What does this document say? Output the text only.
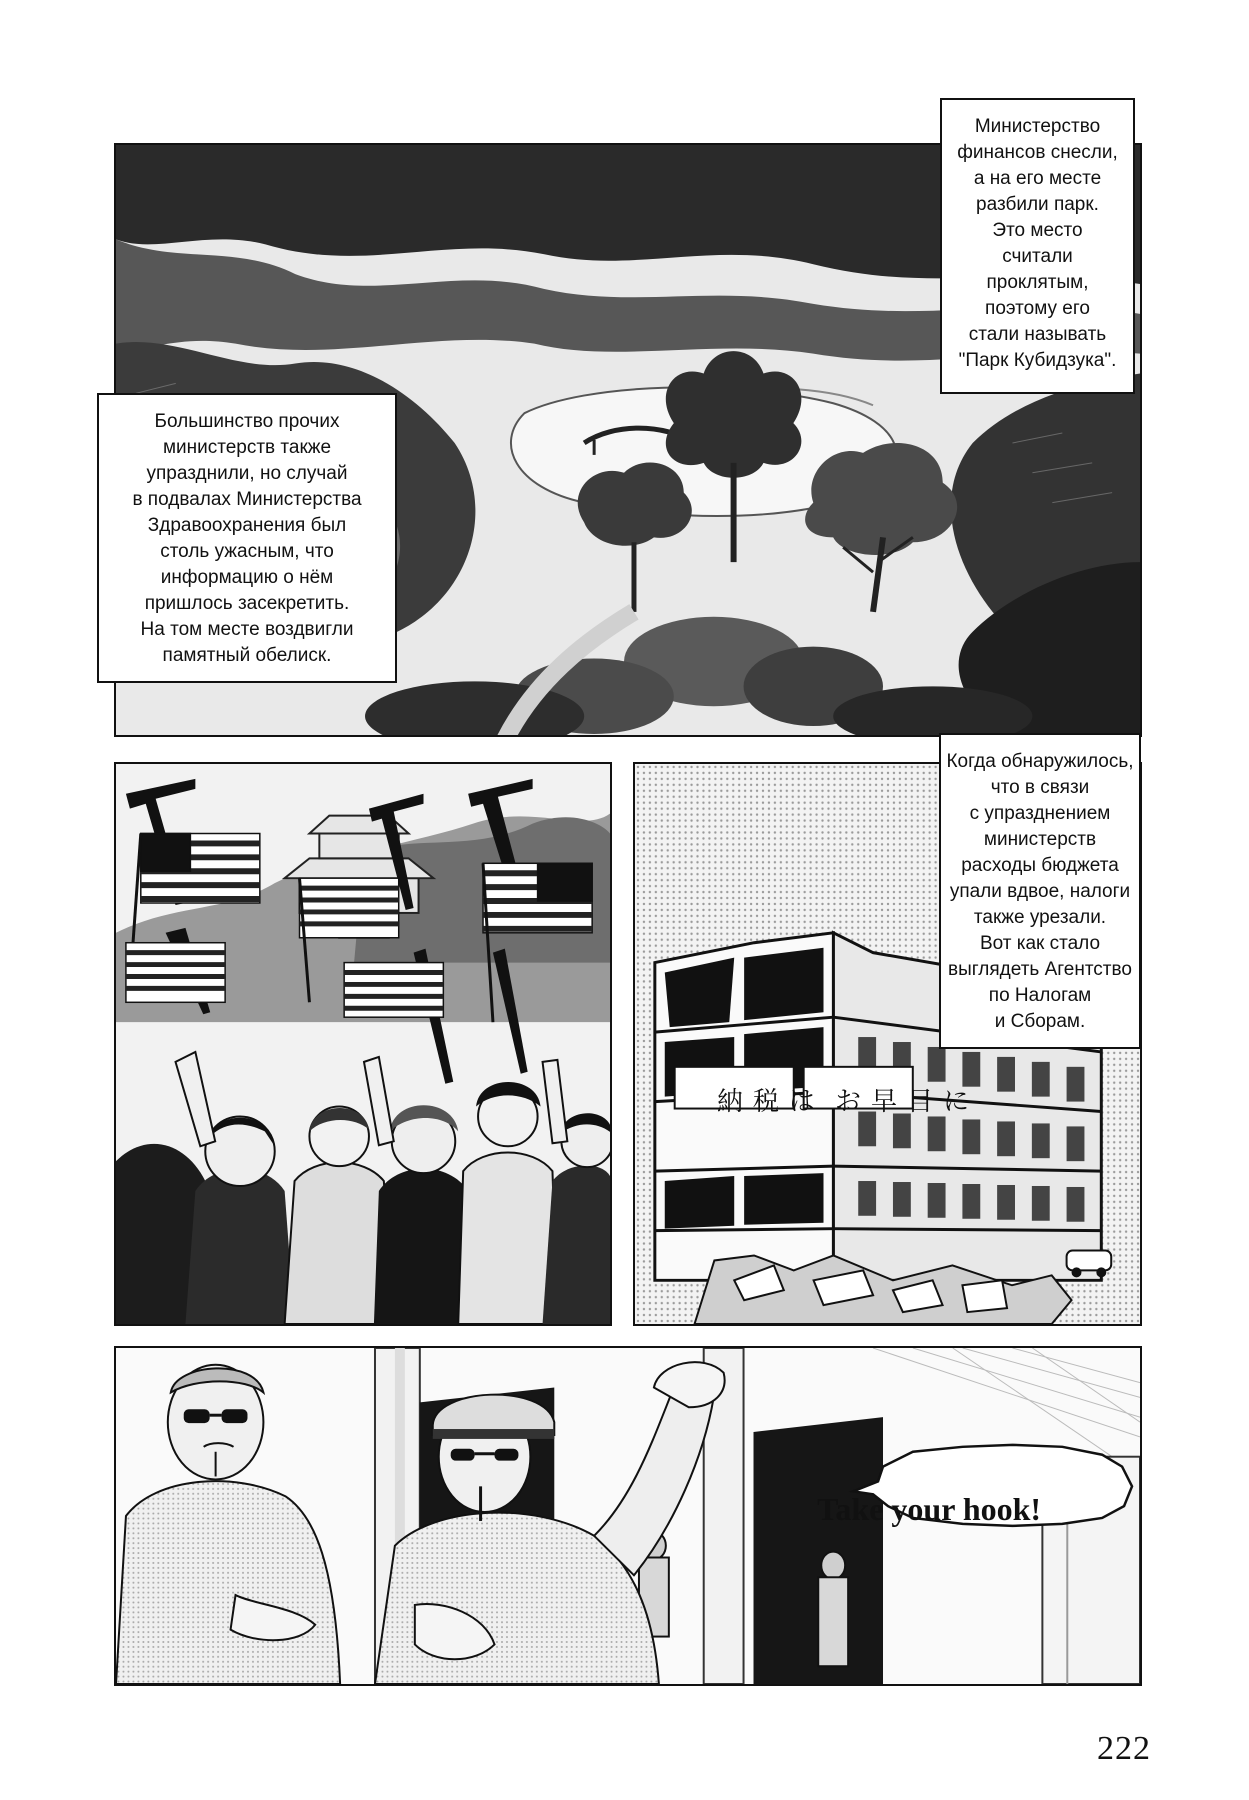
Министерство
финансов снесли,
а на его месте
разбили парк.
Это место
считали
проклятым,
поэтому его
стали называть
"Парк Кубидзука".
Большинство прочих
министерств также
упразднили, но случай
в подвалах Министерства
Здравоохранения был
столь ужасным, что
информацию о нём
пришлось засекретить.
На том месте воздвигли
памятный обелиск.
納税は お早目に
Когда обнаружилось,
что в связи
с упразднением
министерств
расходы бюджета
упали вдвое, налоги
также урезали.
Вот как стало
выглядеть Агентство
по Налогам
и Сборам.
Take your hook!
222
